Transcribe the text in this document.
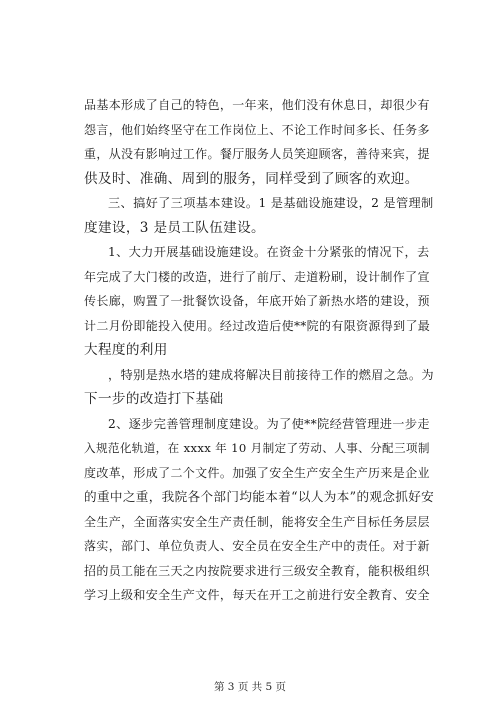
品基本形成了自己的特色，一年来，他们没有休息日，却很少有
怨言，他们始终坚守在工作岗位上、不论工作时间多长、任务多
重，从没有影响过工作。餐厅服务人员笑迎顾客，善待来宾，提
供及时、准确、周到的服务，同样受到了顾客的欢迎。
三、搞好了三项基本建设。1 是基础设施建设，2 是管理制
度建设，3 是员工队伍建设。
1、大力开展基础设施建设。在资金十分紧张的情况下，去
年完成了大门楼的改造，进行了前厅、走道粉刷，设计制作了宣
传长廊，购置了一批餐饮设备，年底开始了新热水塔的建设，预
计二月份即能投入使用。经过改造后使**院的有限资源得到了最
大程度的利用
，特别是热水塔的建成将解决目前接待工作的燃眉之急。为
下一步的改造打下基础
2、逐步完善管理制度建设。为了使**院经营管理进一步走
入规范化轨道，在 xxxx 年 10 月制定了劳动、人事、分配三项制
度改革，形成了二个文件。加强了安全生产安全生产历来是企业
的重中之重，我院各个部门均能本着“以人为本”的观念抓好安
全生产，全面落实安全生产责任制，能将安全生产目标任务层层
落实，部门、单位负责人、安全员在安全生产中的责任。对于新
招的员工能在三天之内按院要求进行三级安全教育，能积极组织
学习上级和安全生产文件，每天在开工之前进行安全教育、安全
第 3 页 共 5 页
